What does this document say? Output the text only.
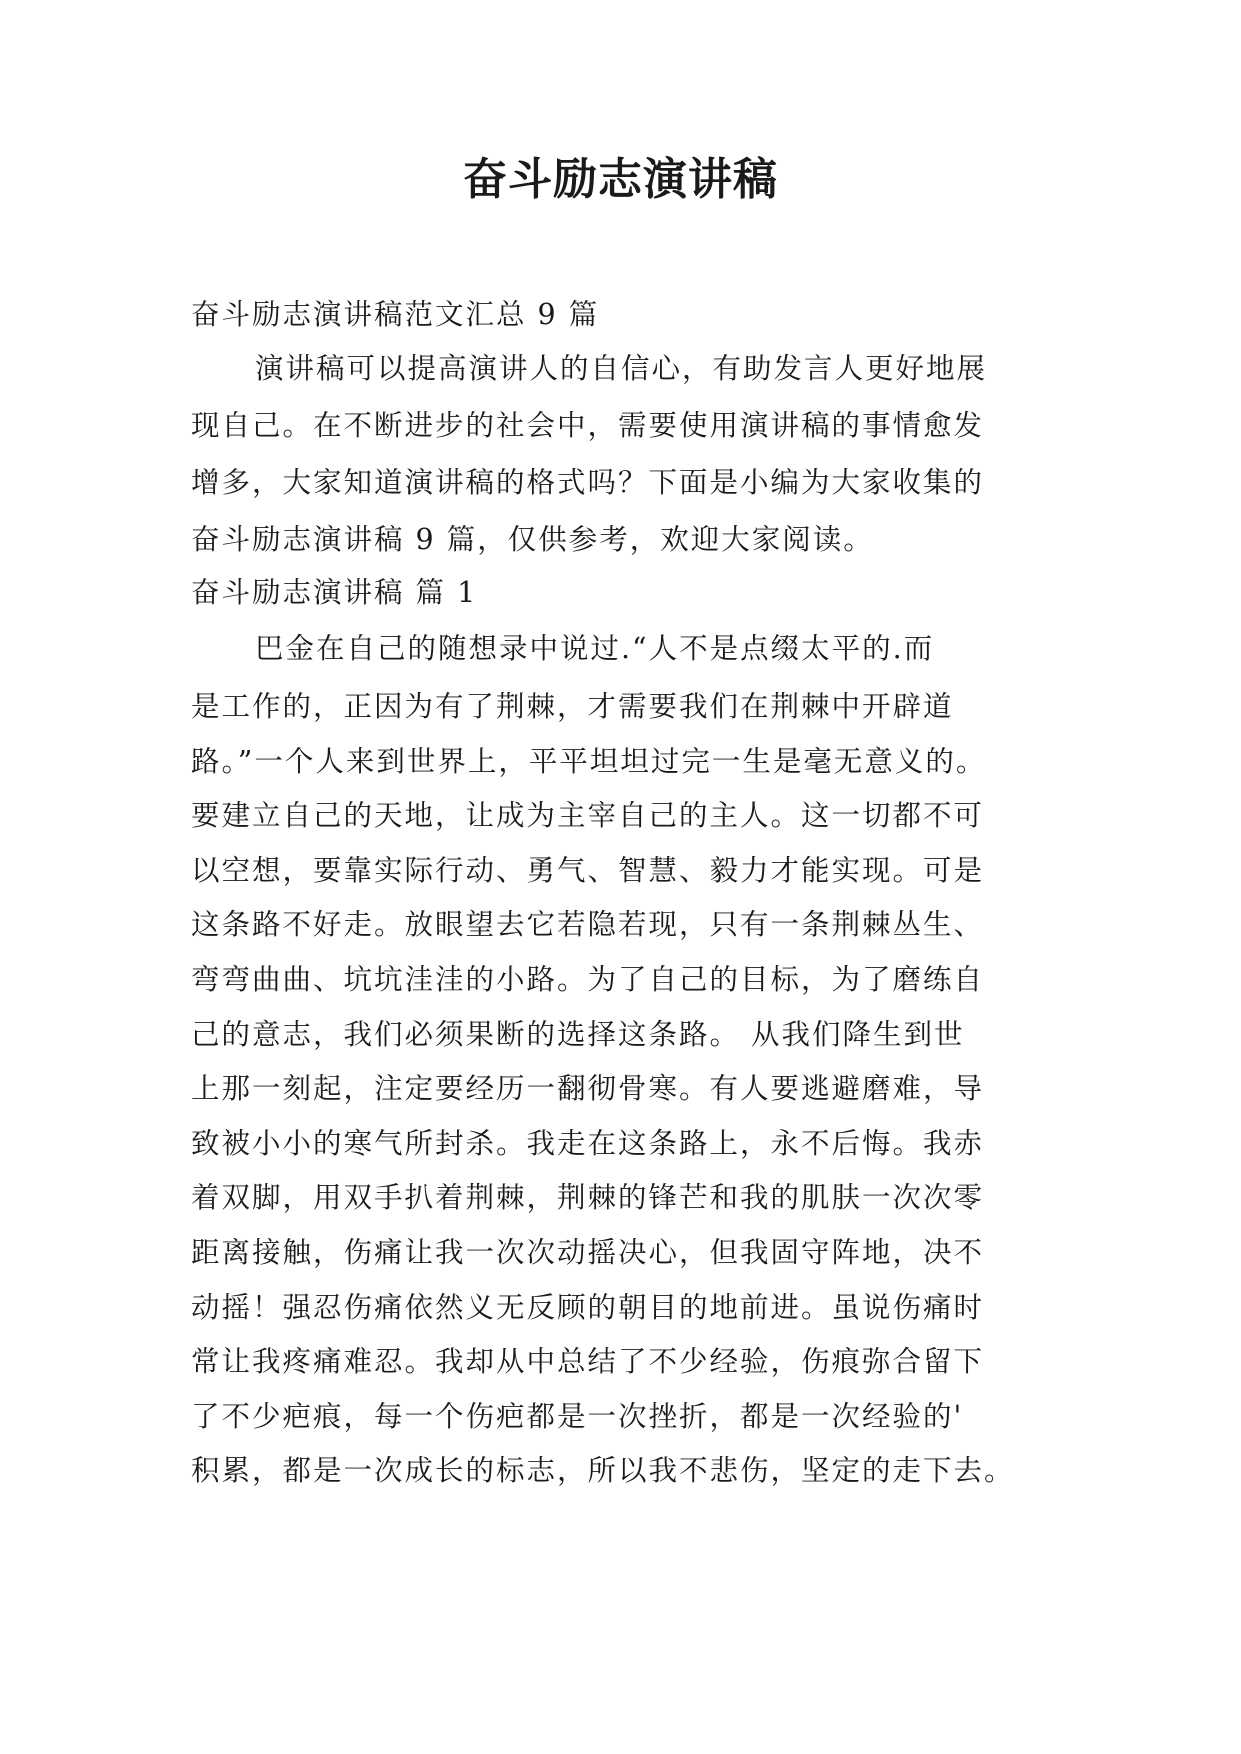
奋斗励志演讲稿

奋斗励志演讲稿范文汇总 9 篇

演讲稿可以提高演讲人的自信心，有助发言人更好地展
现自己。在不断进步的社会中，需要使用演讲稿的事情愈发
增多，大家知道演讲稿的格式吗？下面是小编为大家收集的
奋斗励志演讲稿 9 篇，仅供参考，欢迎大家阅读。

奋斗励志演讲稿 篇 1

巴金在自己的随想录中说过.“人不是点缀太平的.而
是工作的，正因为有了荆棘，才需要我们在荆棘中开辟道
路。”一个人来到世界上，平平坦坦过完一生是毫无意义的。
要建立自己的天地，让成为主宰自己的主人。这一切都不可
以空想，要靠实际行动、勇气、智慧、毅力才能实现。可是
这条路不好走。放眼望去它若隐若现，只有一条荆棘丛生、
弯弯曲曲、坑坑洼洼的小路。为了自己的目标，为了磨练自
己的意志，我们必须果断的选择这条路。 从我们降生到世
上那一刻起，注定要经历一翻彻骨寒。有人要逃避磨难，导
致被小小的寒气所封杀。我走在这条路上，永不后悔。我赤
着双脚，用双手扒着荆棘，荆棘的锋芒和我的肌肤一次次零
距离接触，伤痛让我一次次动摇决心，但我固守阵地，决不
动摇！强忍伤痛依然义无反顾的朝目的地前进。虽说伤痛时
常让我疼痛难忍。我却从中总结了不少经验，伤痕弥合留下
了不少疤痕，每一个伤疤都是一次挫折，都是一次经验的'
积累，都是一次成长的标志，所以我不悲伤，坚定的走下去。
